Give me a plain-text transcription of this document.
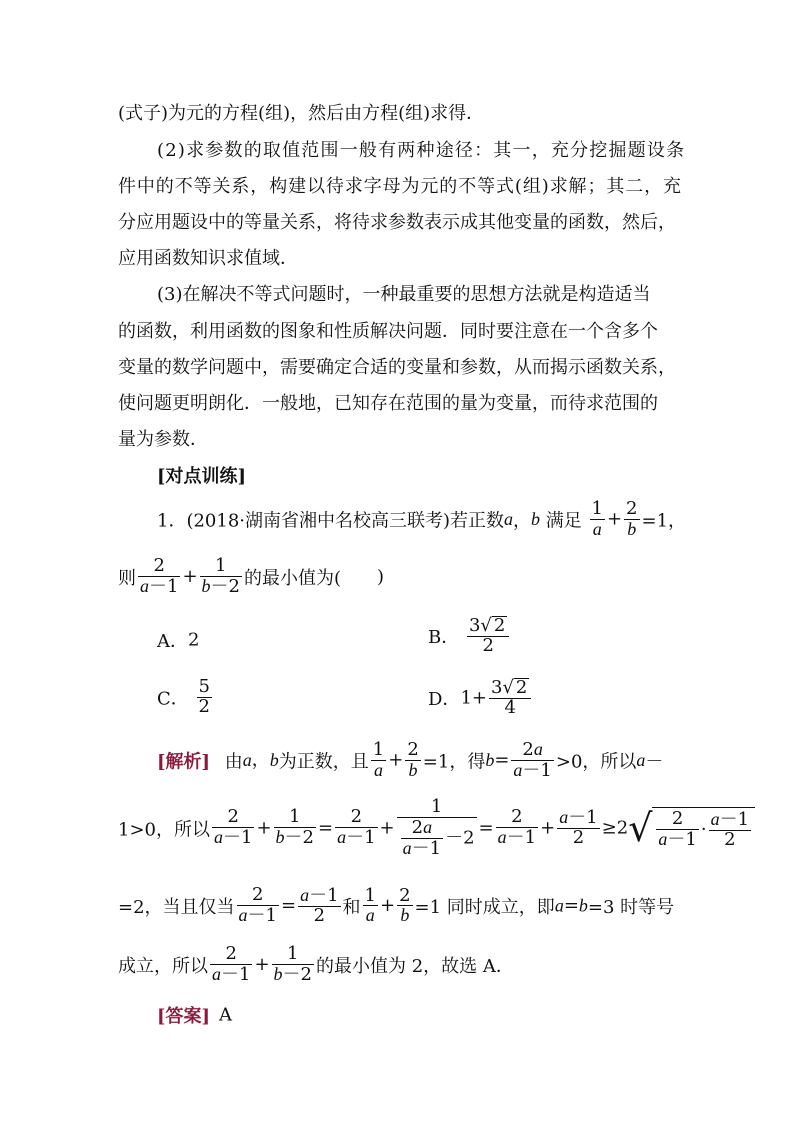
(式子)为元的方程(组)，然后由方程(组)求得．
(2)求参数的取值范围一般有两种途径：其一，充分挖掘题设条
件中的不等关系，构建以待求字母为元的不等式(组)求解；其二，充
分应用题设中的等量关系，将待求参数表示成其他变量的函数，然后，
应用函数知识求值域．
(3)在解决不等式问题时，一种最重要的思想方法就是构造适当
的函数，利用函数的图象和性质解决问题．同时要注意在一个含多个
变量的数学问题中，需要确定合适的变量和参数，从而揭示函数关系，
使问题更明朗化．一般地，已知存在范围的量为变量，而待求范围的
量为参数．
[对点训练]
1．(2018·湖南省湘中名校高三联考)若正数a，b 满足 $\frac{1}{a} + \frac{2}{b} =1$，
则 $\frac{2}{a-1} + \frac{1}{b-2}$ 的最小值为(   )
A．2	B． $\frac{3√ 2}{2}$
C． $\frac{5}{2}$	D．$1+ \frac{3√ 2}{4}$
[解析]  由a，b为正数，且 $\frac{1}{a} + \frac{2}{b} =1$，得$b= \frac{2a}{a-1} >0$，所以a－
1>0，所以 $\frac{2}{a-1} + \frac{1}{b-2} = \frac{2}{a-1} + \frac{1}{\frac{2a}{a-1} -2} = \frac{2}{a-1} + \frac{a-1}{2} \ge 2$ √ $\frac{2}{a-1} \cdot \frac{a-1}{2}$
=2，当且仅当 $\frac{2}{a-1} = \frac{a-1}{2}$ 和 $\frac{1}{a} + \frac{2}{b} =1$ 同时成立，即a=b=3 时等号
成立，所以 $\frac{2}{a-1} + \frac{1}{b-2}$ 的最小值为 2，故选 A．
[答案]  A
